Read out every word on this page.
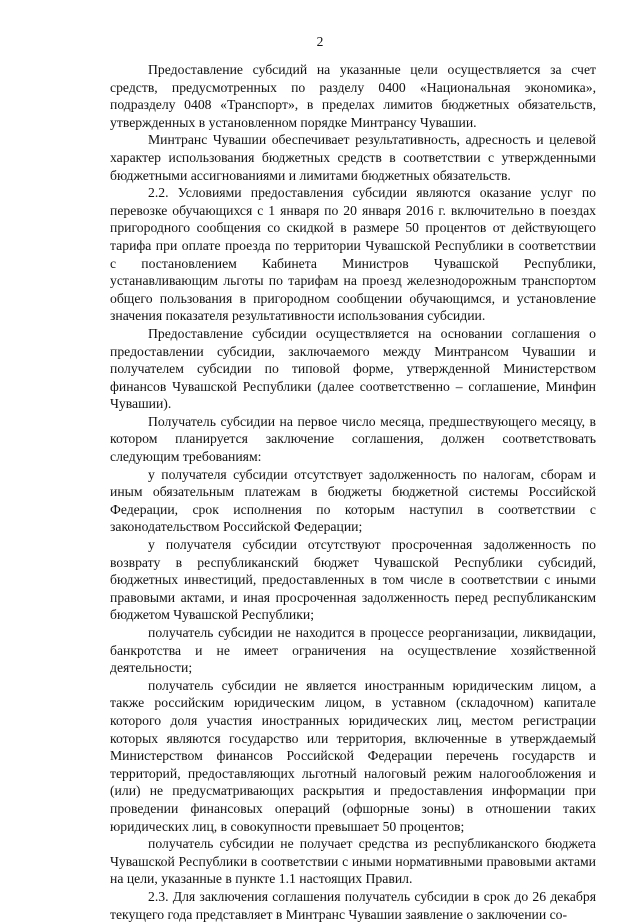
2

Предоставление субсидий на указанные цели осуществляется за счет средств, предусмотренных по разделу 0400 «Национальная экономика», подразделу 0408 «Транспорт», в пределах лимитов бюджетных обязательств, утвержденных в установленном порядке Минтрансу Чувашии.

Минтранс Чувашии обеспечивает результативность, адресность и целевой характер использования бюджетных средств в соответствии с утвержденными бюджетными ассигнованиями и лимитами бюджетных обязательств.

2.2. Условиями предоставления субсидии являются оказание услуг по перевозке обучающихся с 1 января по 20 января 2016 г. включительно в поездах пригородного сообщения со скидкой в размере 50 процентов от действующего тарифа при оплате проезда по территории Чувашской Республики в соответствии с постановлением Кабинета Министров Чувашской Республики, устанавливающим льготы по тарифам на проезд железнодорожным транспортом общего пользования в пригородном сообщении обучающимся, и установление значения показателя результативности использования субсидии.

Предоставление субсидии осуществляется на основании соглашения о предоставлении субсидии, заключаемого между Минтрансом Чувашии и получателем субсидии по типовой форме, утвержденной Министерством финансов Чувашской Республики (далее соответственно – соглашение, Минфин Чувашии).

Получатель субсидии на первое число месяца, предшествующего месяцу, в котором планируется заключение соглашения, должен соответствовать следующим требованиям:

у получателя субсидии отсутствует задолженность по налогам, сборам и иным обязательным платежам в бюджеты бюджетной системы Российской Федерации, срок исполнения по которым наступил в соответствии с законодательством Российской Федерации;

у получателя субсидии отсутствуют просроченная задолженность по возврату в республиканский бюджет Чувашской Республики субсидий, бюджетных инвестиций, предоставленных в том числе в соответствии с иными правовыми актами, и иная просроченная задолженность перед республиканским бюджетом Чувашской Республики;

получатель субсидии не находится в процессе реорганизации, ликвидации, банкротства и не имеет ограничения на осуществление хозяйственной деятельности;

получатель субсидии не является иностранным юридическим лицом, а также российским юридическим лицом, в уставном (складочном) капитале которого доля участия иностранных юридических лиц, местом регистрации которых являются государство или территория, включенные в утверждаемый Министерством финансов Российской Федерации перечень государств и территорий, предоставляющих льготный налоговый режим налогообложения и (или) не предусматривающих раскрытия и предоставления информации при проведении финансовых операций (офшорные зоны) в отношении таких юридических лиц, в совокупности превышает 50 процентов;

получатель субсидии не получает средства из республиканского бюджета Чувашской Республики в соответствии с иными нормативными правовыми актами на цели, указанные в пункте 1.1 настоящих Правил.

2.3. Для заключения соглашения получатель субсидии в срок до 26 декабря текущего года представляет в Минтранс Чувашии заявление о заключении со-
